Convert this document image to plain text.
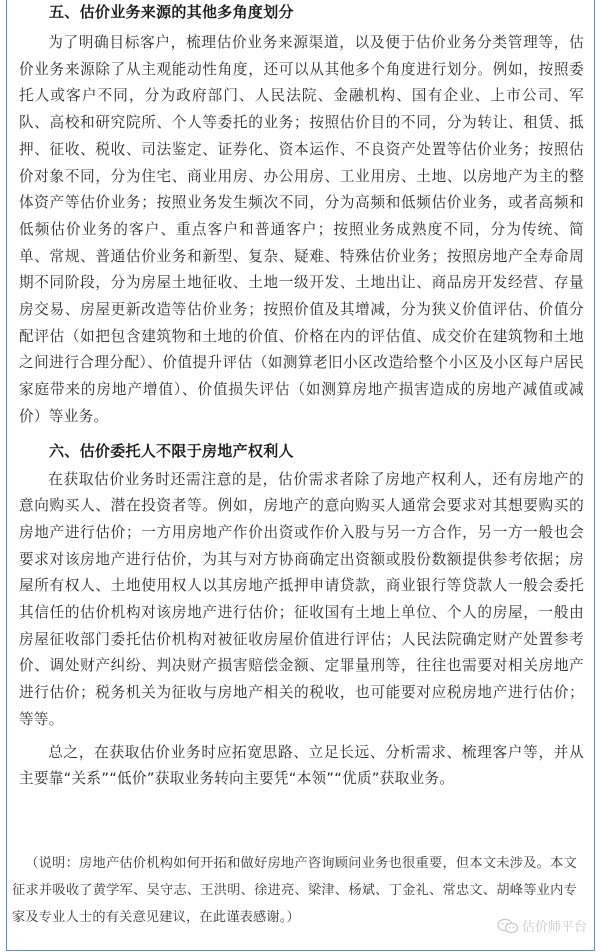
五、估价业务来源的其他多角度划分

为了明确目标客户，梳理估价业务来源渠道，以及便于估价业务分类管理等，估价业务来源除了从主观能动性角度，还可以从其他多个角度进行划分。例如，按照委托人或客户不同，分为政府部门、人民法院、金融机构、国有企业、上市公司、军队、高校和研究院所、个人等委托的业务；按照估价目的不同，分为转让、租赁、抵押、征收、税收、司法鉴定、证券化、资本运作、不良资产处置等估价业务；按照估价对象不同，分为住宅、商业用房、办公用房、工业用房、土地、以房地产为主的整体资产等估价业务；按照业务发生频次不同，分为高频和低频估价业务，或者高频和低频估价业务的客户、重点客户和普通客户；按照业务成熟度不同，分为传统、简单、常规、普通估价业务和新型、复杂、疑难、特殊估价业务；按照房地产全寿命周期不同阶段，分为房屋土地征收、土地一级开发、土地出让、商品房开发经营、存量房交易、房屋更新改造等估价业务；按照价值及其增减，分为狭义价值评估、价值分配评估（如把包含建筑物和土地的价值、价格在内的评估值、成交价在建筑物和土地之间进行合理分配）、价值提升评估（如测算老旧小区改造给整个小区及小区每户居民家庭带来的房地产增值）、价值损失评估（如测算房地产损害造成的房地产减值或减价）等业务。

六、估价委托人不限于房地产权利人

在获取估价业务时还需注意的是，估价需求者除了房地产权利人，还有房地产的意向购买人、潜在投资者等。例如，房地产的意向购买人通常会要求对其想要购买的房地产进行估价；一方用房地产作价出资或作价入股与另一方合作，另一方一般也会要求对该房地产进行估价，为其与对方协商确定出资额或股份数额提供参考依据；房屋所有权人、土地使用权人以其房地产抵押申请贷款，商业银行等贷款人一般会委托其信任的估价机构对该房地产进行估价；征收国有土地上单位、个人的房屋，一般由房屋征收部门委托估价机构对被征收房屋价值进行评估；人民法院确定财产处置参考价、调处财产纠纷、判决财产损害赔偿金额、定罪量刑等，往往也需要对相关房地产进行估价；税务机关为征收与房地产相关的税收，也可能要对应税房地产进行估价；等等。

总之，在获取估价业务时应拓宽思路、立足长远、分析需求、梳理客户等，并从主要靠“关系”“低价”获取业务转向主要凭“本领”“优质”获取业务。

（说明：房地产估价机构如何开拓和做好房地产咨询顾问业务也很重要，但本文未涉及。本文征求并吸收了黄学军、吴守志、王洪明、徐进亮、梁津、杨斌、丁金礼、常忠文、胡峰等业内专家及专业人士的有关意见建议，在此谨表感谢。）

估价师平台
